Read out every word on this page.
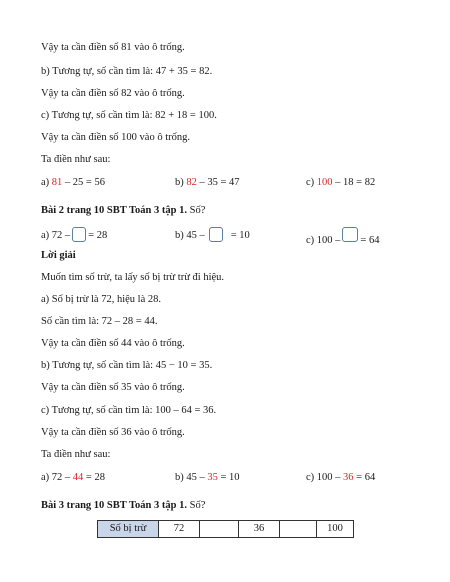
Vậy ta cần điền số 81 vào ô trống.
b) Tương tự, số cần tìm là: 47 + 35 = 82.
Vậy ta cần điền số 82 vào ô trống.
c) Tương tự, số cần tìm là: 82 + 18 = 100.
Vậy ta cần điền số 100 vào ô trống.
Ta điền như sau:
a) 81 – 25 = 56	b) 82 – 35 = 47	c) 100 – 18 = 82
Bài 2 trang 10 SBT Toán 3 tập 1. Số?
a) 72 – = 28	b) 45 – = 10	c) 100 – = 64
Lời giải
Muốn tìm số trừ, ta lấy số bị trừ trừ đi hiệu.
a) Số bị trừ là 72, hiệu là 28.
Số cần tìm là: 72 – 28 = 44.
Vậy ta cần điền số 44 vào ô trống.
b) Tương tự, số cần tìm là: 45 − 10 = 35.
Vậy ta cần điền số 35 vào ô trống.
c) Tương tự, số cần tìm là: 100 – 64 = 36.
Vậy ta cần điền số 36 vào ô trống.
Ta điền như sau:
a) 72 – 44 = 28	b) 45 – 35 = 10	c) 100 – 36 = 64
Bài 3 trang 10 SBT Toán 3 tập 1. Số?
Số bị trừ	72		36		100
